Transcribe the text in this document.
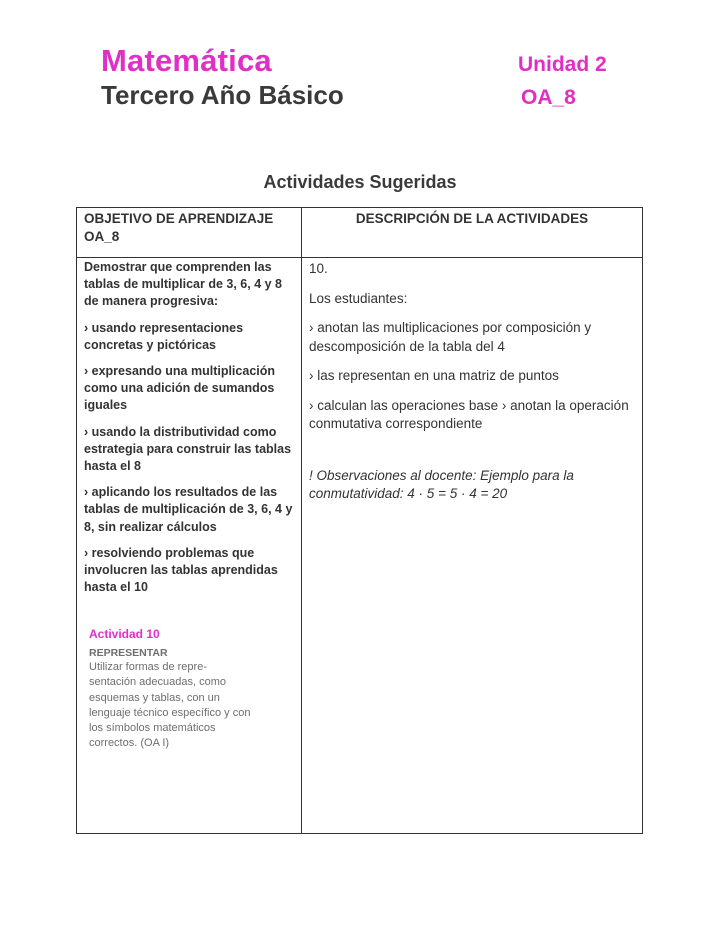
Matemática
Tercero Año Básico
Unidad 2
OA_8
Actividades Sugeridas
OBJETIVO DE APRENDIZAJE OA_8
DESCRIPCIÓN DE LA ACTIVIDADES

Demostrar que comprenden las tablas de multiplicar de 3, 6, 4 y 8 de manera progresiva:

› usando representaciones concretas y pictóricas

› expresando una multiplicación como una adición de sumandos iguales

› usando la distributividad como estrategia para construir las tablas hasta el 8

› aplicando los resultados de las tablas de multiplicación de 3, 6, 4 y 8, sin realizar cálculos

› resolviendo problemas que involucren las tablas aprendidas hasta el 10

Actividad 10
REPRESENTAR
Utilizar formas de repre-sentación adecuadas, como esquemas y tablas, con un lenguaje técnico específico y con los símbolos matemáticos correctos. (OA I)

10.

Los estudiantes:

› anotan las multiplicaciones por composición y descomposición de la tabla del 4

› las representan en una matriz de puntos

› calculan las operaciones base › anotan la operación conmutativa correspondiente

! Observaciones al docente: Ejemplo para la conmutatividad: 4 · 5 = 5 · 4 = 20
